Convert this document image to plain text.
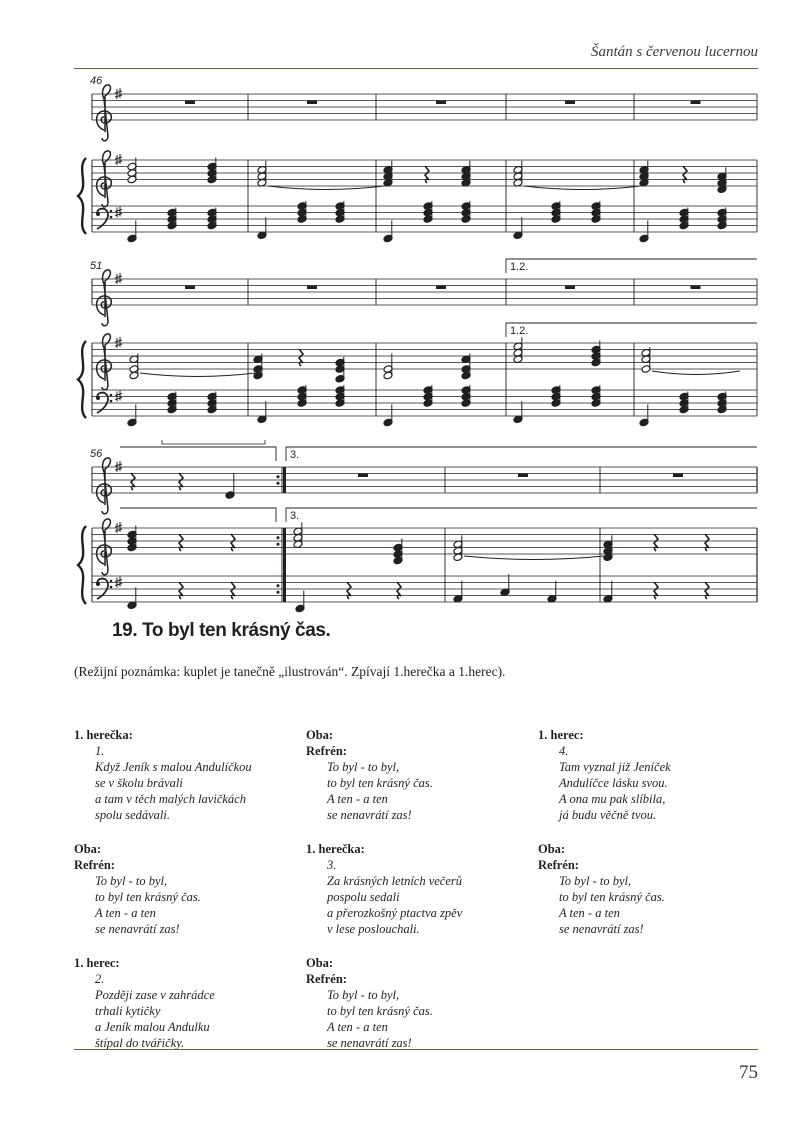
Šantán s červenou lucernou
46
51	1.2.
1.2.
56	3.
3.
19. To byl ten krásný čas.
(Režijní poznámka: kuplet je tanečně „ilustrován“. Zpívají 1.herečka a 1.herec).
1. herečka:
1.
Když Jeník s malou Andulíčkou
se v školu brávali
a tam v těch malých lavičkách
spolu sedávali.
Oba:
Refrén:
To byl - to byl,
to byl ten krásný čas.
A ten - a ten
se nenavrátí zas!
1. herec:
2.
Později zase v zahrádce
trhali kytičky
a Jeník malou Andulku
štípal do tvářičky.
Oba:
Refrén:
To byl - to byl,
to byl ten krásný čas.
A ten - a ten
se nenavrátí zas!
1. herečka:
3.
Za krásných letních večerů
pospolu sedali
a přerozkošný ptactva zpěv
v lese poslouchali.
Oba:
Refrén:
To byl - to byl,
to byl ten krásný čas.
A ten - a ten
se nenavrátí zas!
1. herec:
4.
Tam vyznal již Jeníček
Andulíčce lásku svou.
A ona mu pak slíbila,
já budu věčně tvou.
Oba:
Refrén:
To byl - to byl,
to byl ten krásný čas.
A ten - a ten
se nenavrátí zas!
75
